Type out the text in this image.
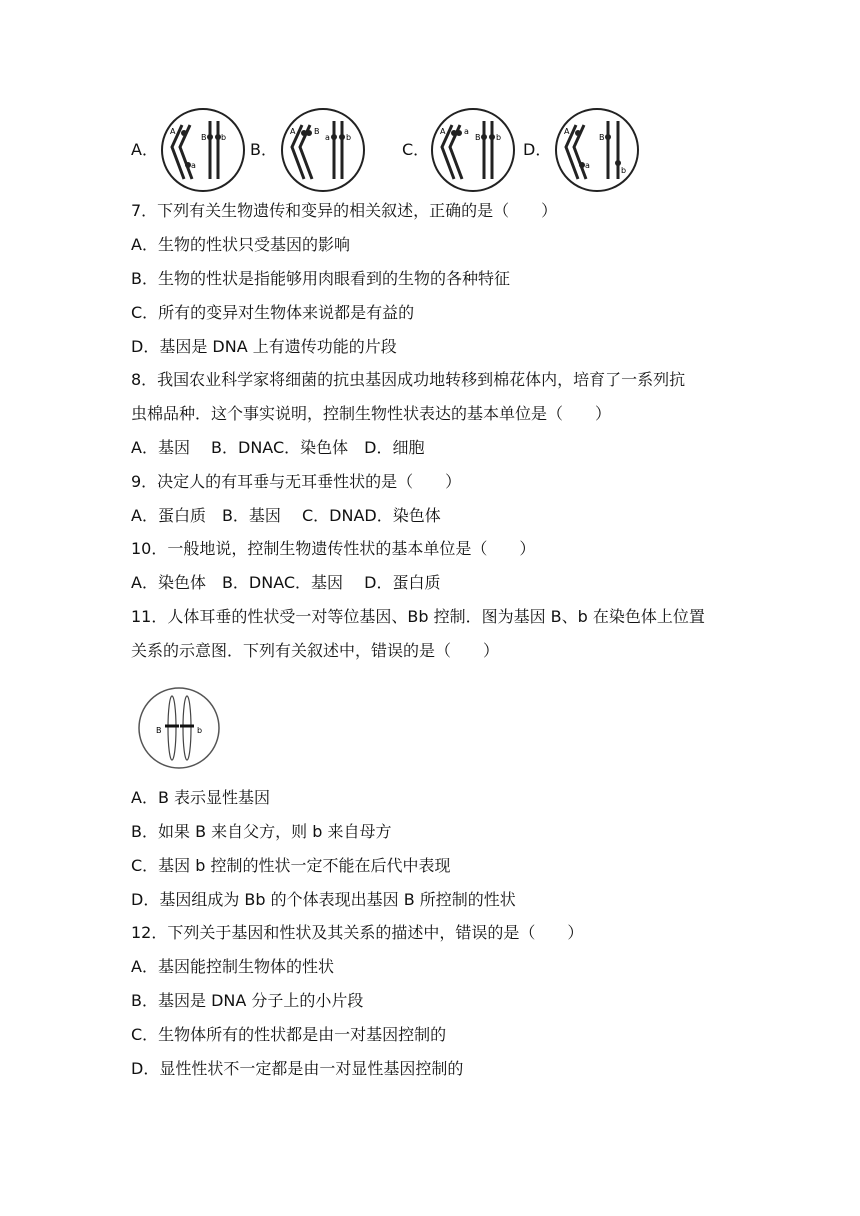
A．
A
a
B b
B．
A B
a b
C．
A a
B b
D．
A
a
B
b
7．下列有关生物遗传和变异的相关叙述，正确的是（　　）
A．生物的性状只受基因的影响
B．生物的性状是指能够用肉眼看到的生物的各种特征
C．所有的变异对生物体来说都是有益的
D．基因是 DNA 上有遗传功能的片段
8．我国农业科学家将细菌的抗虫基因成功地转移到棉花体内，培育了一系列抗
虫棉品种．这个事实说明，控制生物性状表达的基本单位是（　　）
A．基因　 B．DNAC．染色体　D．细胞
9．决定人的有耳垂与无耳垂性状的是（　　）
A．蛋白质　B．基因　 C．DNAD．染色体
10．一般地说，控制生物遗传性状的基本单位是（　　）
A．染色体　B．DNAC．基因　 D．蛋白质
11．人体耳垂的性状受一对等位基因、Bb 控制．图为基因 B、b 在染色体上位置
关系的示意图．下列有关叙述中，错误的是（　　）
B	b
A．B 表示显性基因
B．如果 B 来自父方，则 b 来自母方
C．基因 b 控制的性状一定不能在后代中表现
D．基因组成为 Bb 的个体表现出基因 B 所控制的性状
12．下列关于基因和性状及其关系的描述中，错误的是（　　）
A．基因能控制生物体的性状
B．基因是 DNA 分子上的小片段
C．生物体所有的性状都是由一对基因控制的
D．显性性状不一定都是由一对显性基因控制的
